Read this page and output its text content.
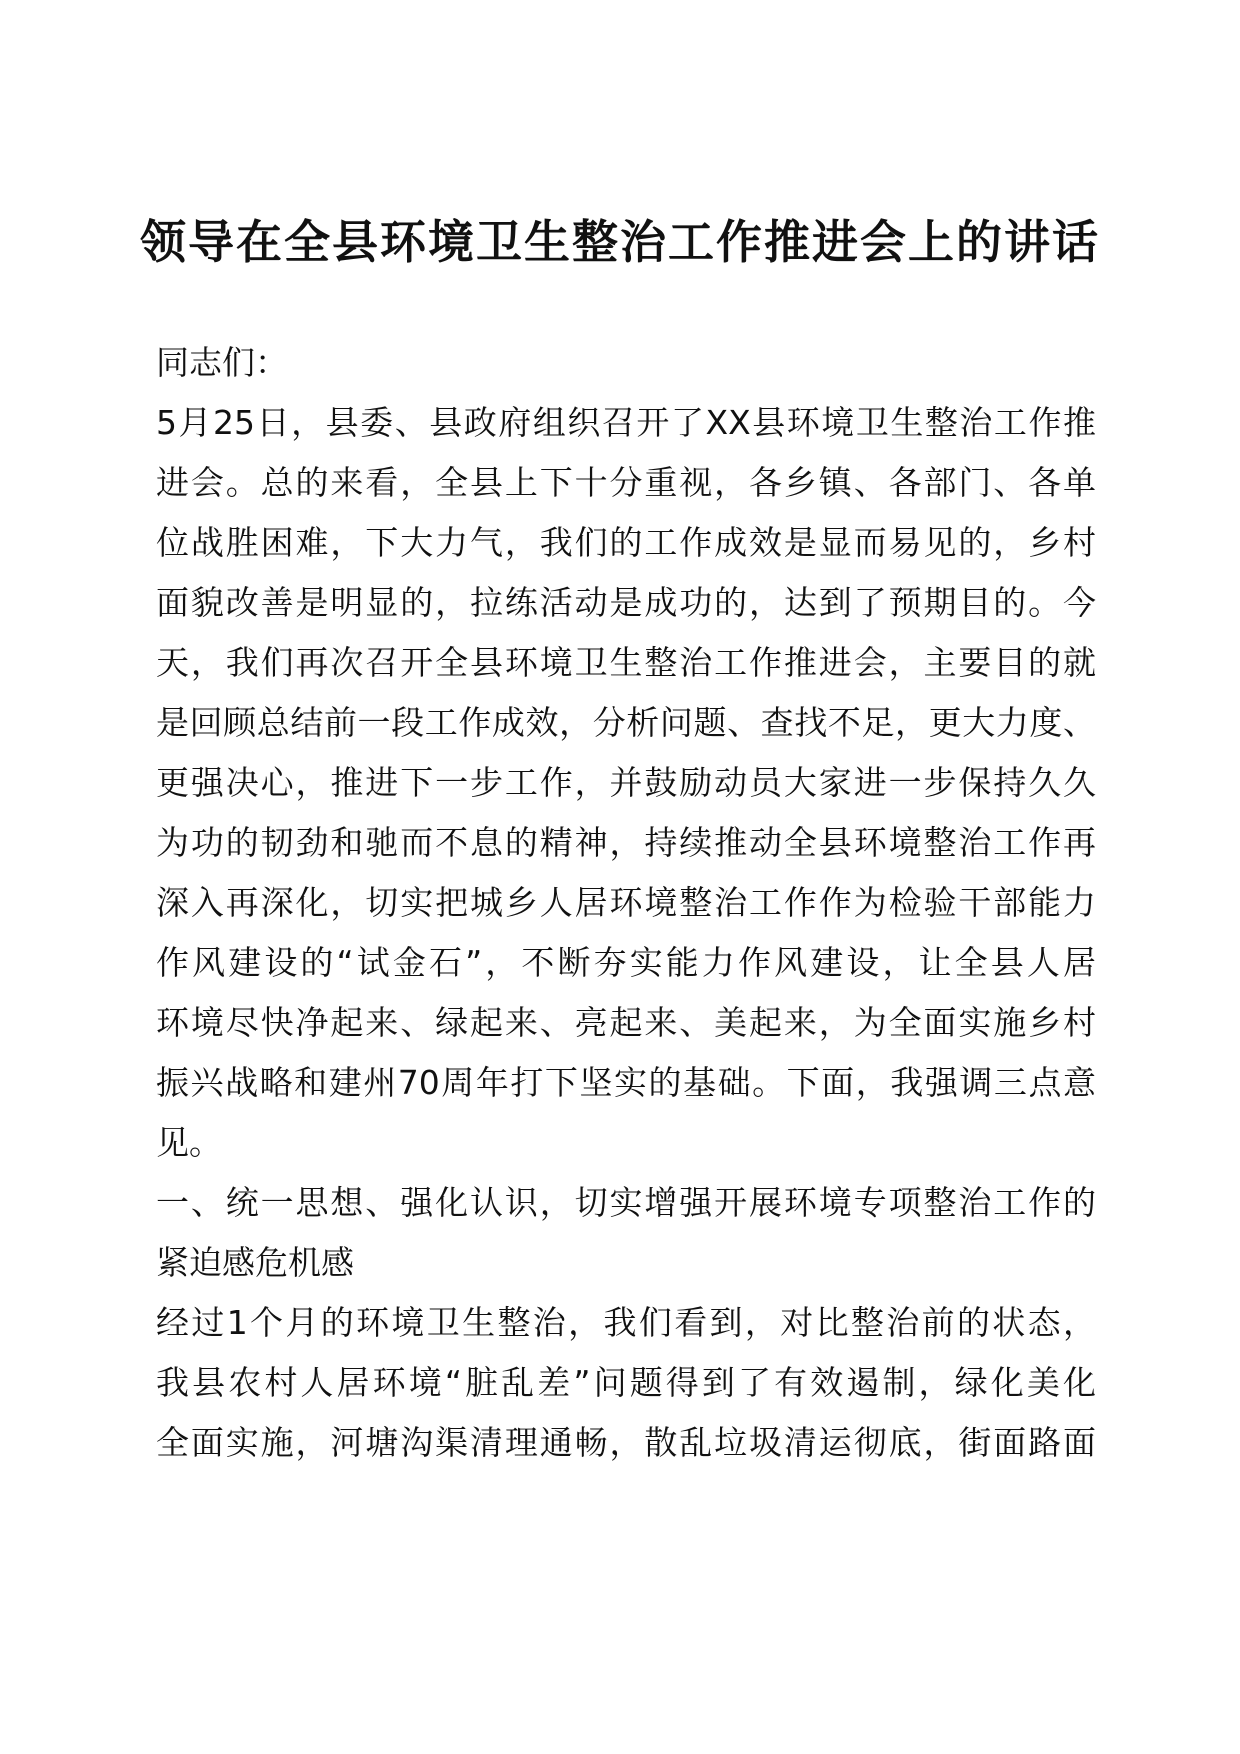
领导在全县环境卫生整治工作推进会上的讲话
同志们：
5月25日，县委、县政府组织召开了XX县环境卫生整治工作推
进会。总的来看，全县上下十分重视，各乡镇、各部门、各单
位战胜困难，下大力气，我们的工作成效是显而易见的，乡村
面貌改善是明显的，拉练活动是成功的，达到了预期目的。今
天，我们再次召开全县环境卫生整治工作推进会，主要目的就
是回顾总结前一段工作成效，分析问题、查找不足，更大力度、
更强决心，推进下一步工作，并鼓励动员大家进一步保持久久
为功的韧劲和驰而不息的精神，持续推动全县环境整治工作再
深入再深化，切实把城乡人居环境整治工作作为检验干部能力
作风建设的“试金石”，不断夯实能力作风建设，让全县人居
环境尽快净起来、绿起来、亮起来、美起来，为全面实施乡村
振兴战略和建州70周年打下坚实的基础。下面，我强调三点意
见。
一、统一思想、强化认识，切实增强开展环境专项整治工作的
紧迫感危机感
经过1个月的环境卫生整治，我们看到，对比整治前的状态，
我县农村人居环境“脏乱差”问题得到了有效遏制，绿化美化
全面实施，河塘沟渠清理通畅，散乱垃圾清运彻底，街面路面
